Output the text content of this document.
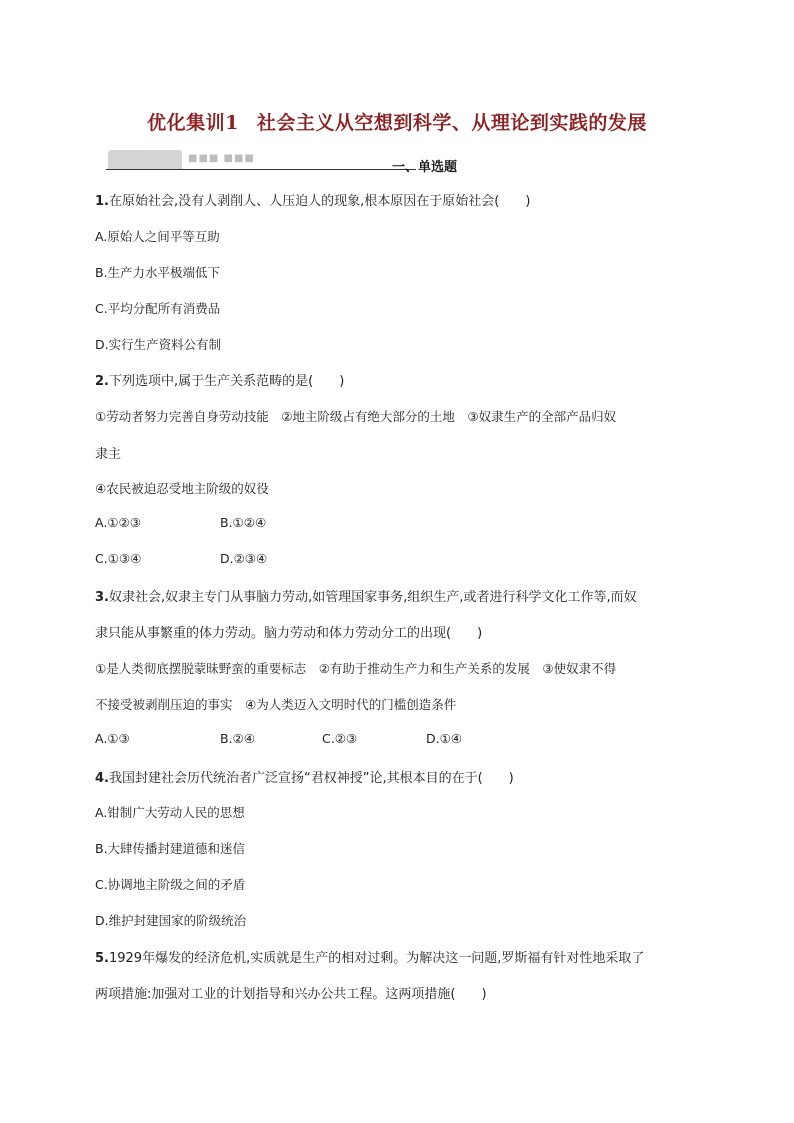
优化集训1 社会主义从空想到科学、从理论到实践的发展
■■■ ■■■
一、单选题
1.在原始社会,没有人剥削人、人压迫人的现象,根本原因在于原始社会(　　)
A.原始人之间平等互助
B.生产力水平极端低下
C.平均分配所有消费品
D.实行生产资料公有制
2.下列选项中,属于生产关系范畴的是(　　)
①劳动者努力完善自身劳动技能　②地主阶级占有绝大部分的土地　③奴隶生产的全部产品归奴
隶主
④农民被迫忍受地主阶级的奴役
A.①②③	B.①②④
C.①③④	D.②③④
3.奴隶社会,奴隶主专门从事脑力劳动,如管理国家事务,组织生产,或者进行科学文化工作等,而奴
隶只能从事繁重的体力劳动。脑力劳动和体力劳动分工的出现(　　)
①是人类彻底摆脱蒙昧野蛮的重要标志　②有助于推动生产力和生产关系的发展　③使奴隶不得
不接受被剥削压迫的事实　④为人类迈入文明时代的门槛创造条件
A.①③	B.②④	C.②③	D.①④
4.我国封建社会历代统治者广泛宣扬“君权神授”论,其根本目的在于(　　)
A.钳制广大劳动人民的思想
B.大肆传播封建道德和迷信
C.协调地主阶级之间的矛盾
D.维护封建国家的阶级统治
5.1929年爆发的经济危机,实质就是生产的相对过剩。为解决这一问题,罗斯福有针对性地采取了
两项措施:加强对工业的计划指导和兴办公共工程。这两项措施(　　)
